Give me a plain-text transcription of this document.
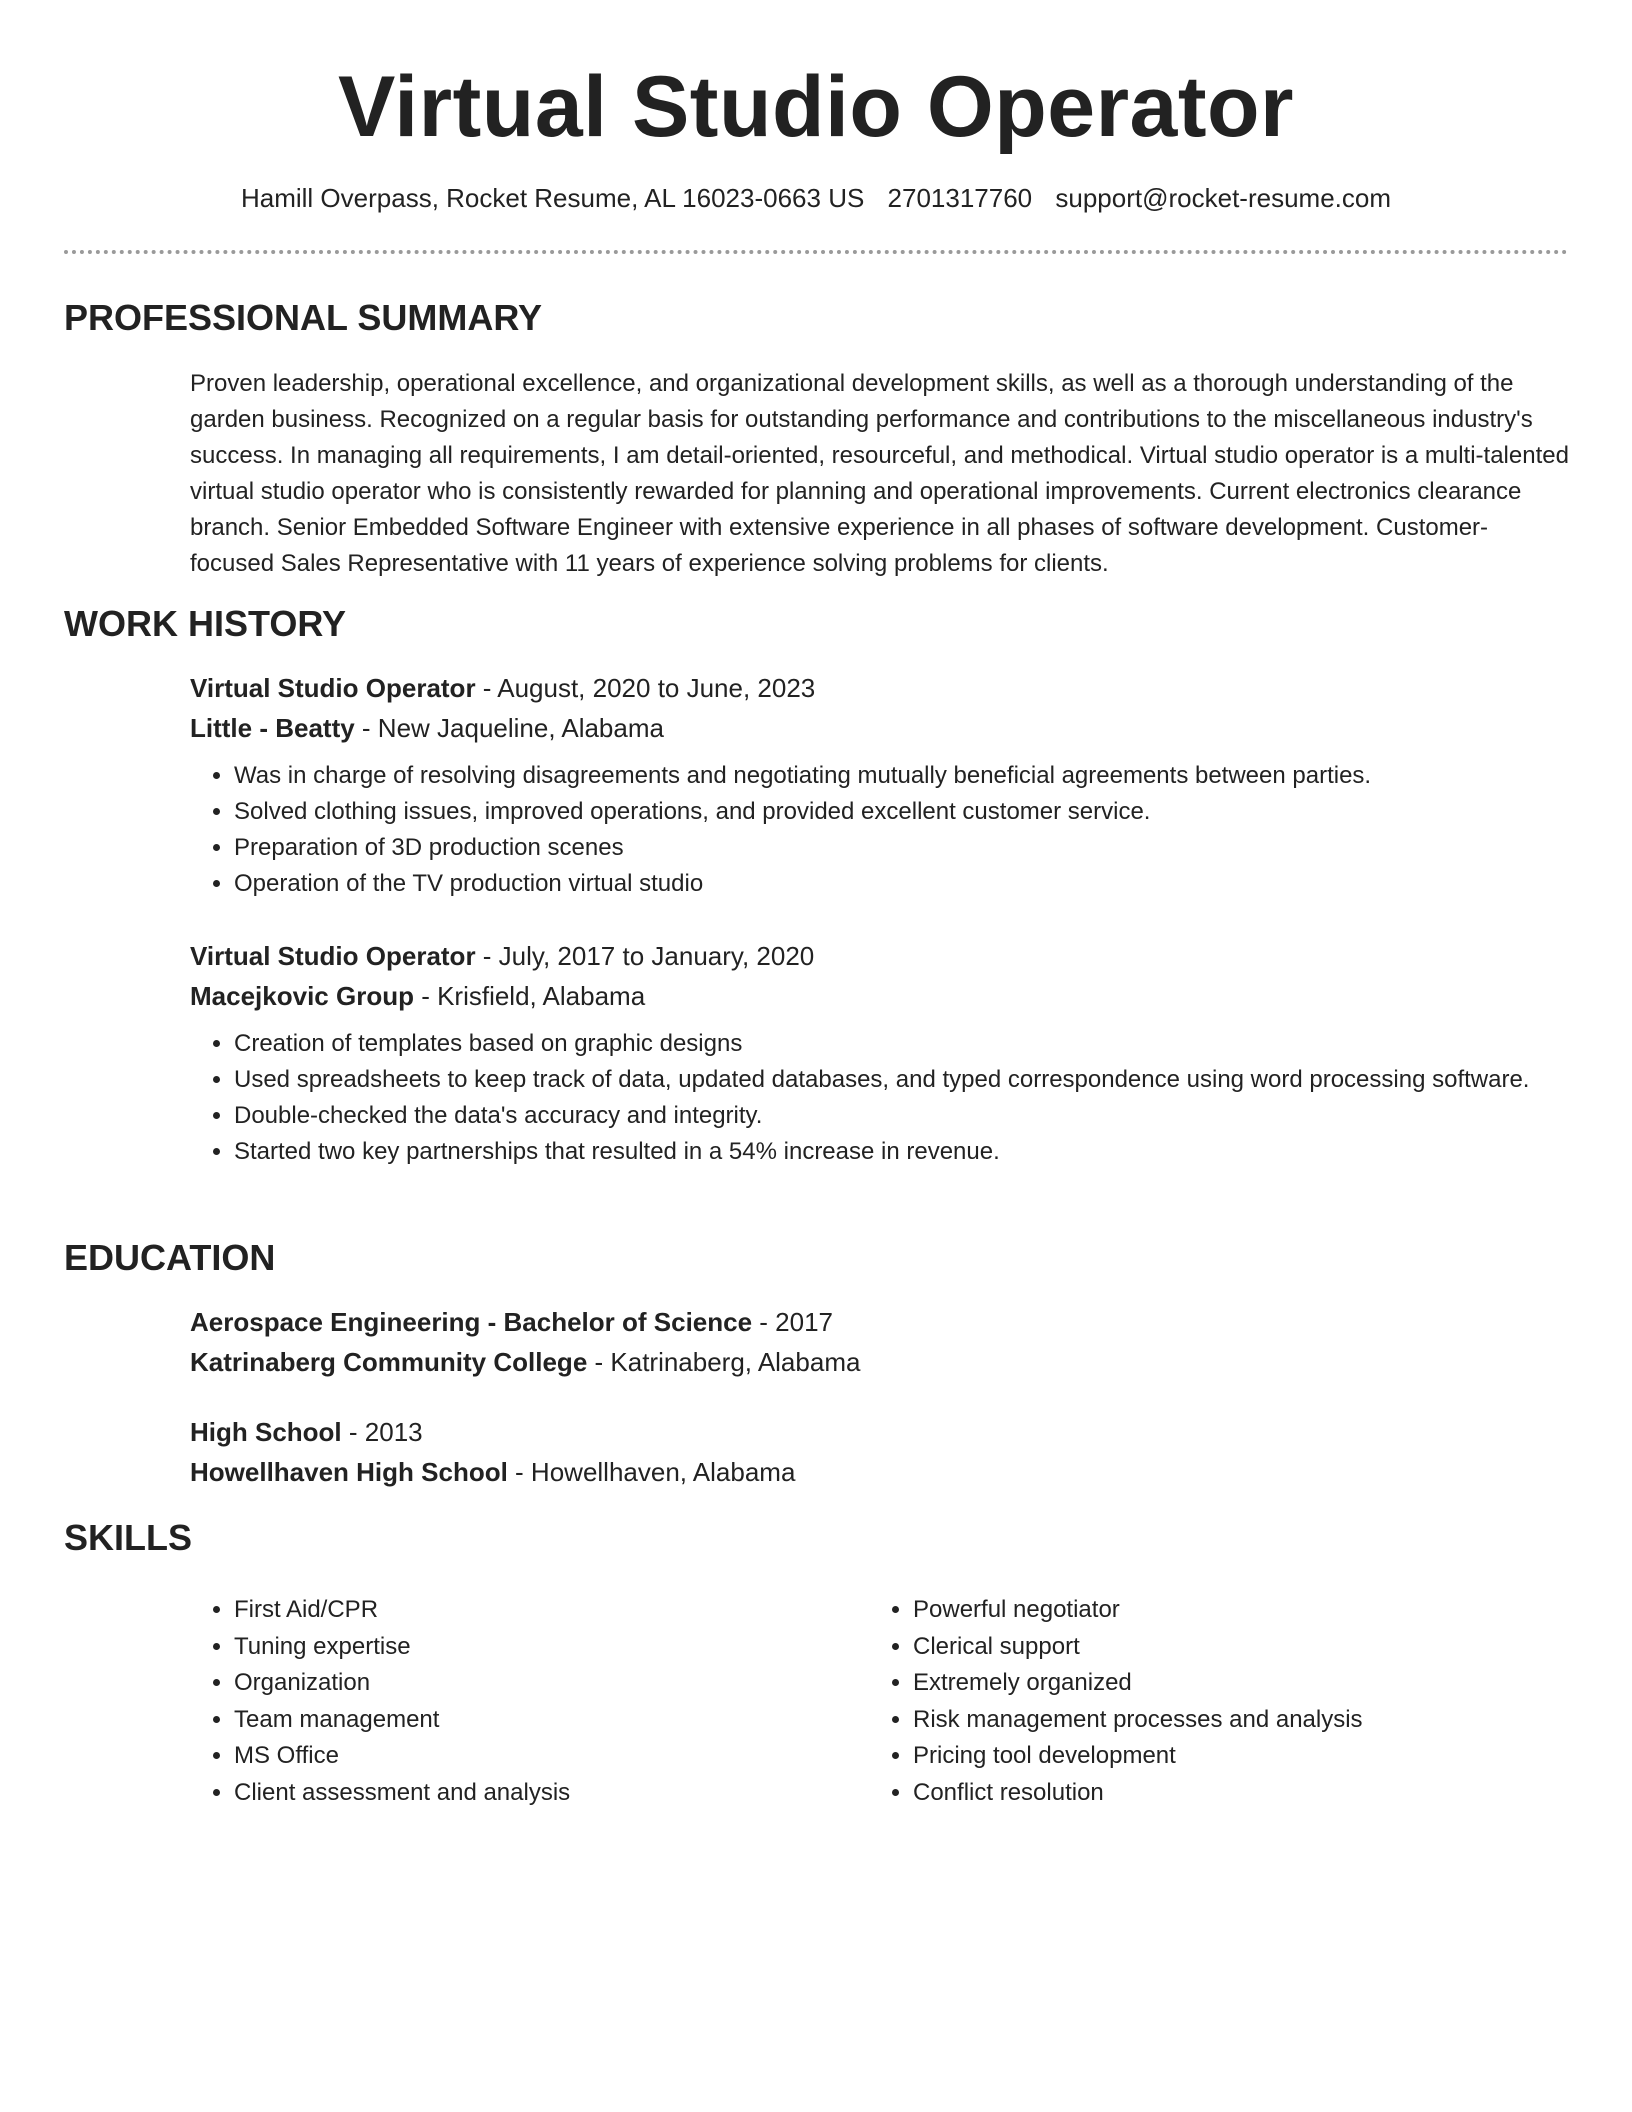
Virtual Studio Operator
Hamill Overpass, Rocket Resume, AL 16023-0663 US 2701317760 support@rocket-resume.com
PROFESSIONAL SUMMARY
Proven leadership, operational excellence, and organizational development skills, as well as a thorough understanding of the garden business. Recognized on a regular basis for outstanding performance and contributions to the miscellaneous industry's success. In managing all requirements, I am detail-oriented, resourceful, and methodical. Virtual studio operator is a multi-talented virtual studio operator who is consistently rewarded for planning and operational improvements. Current electronics clearance branch. Senior Embedded Software Engineer with extensive experience in all phases of software development. Customer-focused Sales Representative with 11 years of experience solving problems for clients.
WORK HISTORY
Virtual Studio Operator - August, 2020 to June, 2023
Little - Beatty - New Jaqueline, Alabama
• Was in charge of resolving disagreements and negotiating mutually beneficial agreements between parties.
• Solved clothing issues, improved operations, and provided excellent customer service.
• Preparation of 3D production scenes
• Operation of the TV production virtual studio
Virtual Studio Operator - July, 2017 to January, 2020
Macejkovic Group - Krisfield, Alabama
• Creation of templates based on graphic designs
• Used spreadsheets to keep track of data, updated databases, and typed correspondence using word processing software.
• Double-checked the data's accuracy and integrity.
• Started two key partnerships that resulted in a 54% increase in revenue.
EDUCATION
Aerospace Engineering - Bachelor of Science - 2017
Katrinaberg Community College - Katrinaberg, Alabama
High School - 2013
Howellhaven High School - Howellhaven, Alabama
SKILLS
• First Aid/CPR
• Tuning expertise
• Organization
• Team management
• MS Office
• Client assessment and analysis
• Powerful negotiator
• Clerical support
• Extremely organized
• Risk management processes and analysis
• Pricing tool development
• Conflict resolution
